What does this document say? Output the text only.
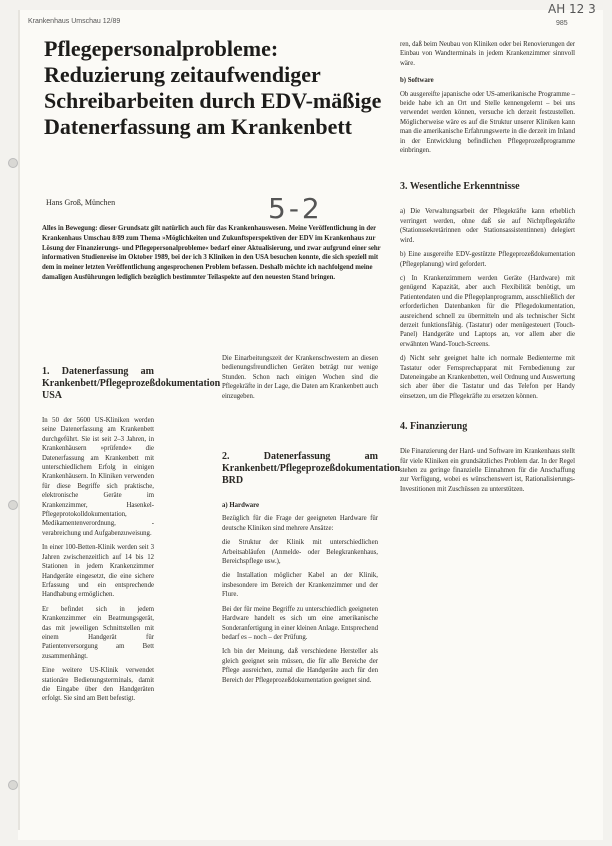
Krankenhaus Umschau 12/89	985
AH 12 3
5-2
Pflegepersonalprobleme: Reduzierung zeitaufwendiger Schreibarbeiten durch EDV-mäßige Datenerfassung am Krankenbett
Hans Groß, München
Alles in Bewegung: dieser Grundsatz gilt natürlich auch für das Krankenhauswesen. Meine Veröffentlichung in der Krankenhaus Umschau 8/89 zum Thema »Möglichkeiten und Zukunftsperspektiven der EDV im Krankenhaus zur Lösung der Finanzierungs- und Pflegepersonalprobleme« bedarf einer Aktualisierung, und zwar aufgrund einer sehr informativen Studienreise im Oktober 1989, bei der ich 3 Kliniken in den USA besuchen konnte, die sich speziell mit dem in meiner letzten Veröffentlichung angesprochenen Problem befassen. Deshalb möchte ich nachfolgend meine damaligen Ausführungen lediglich bezüglich bestimmter Teilaspekte auf den neuesten Stand bringen.
1. Datenerfassung am Krankenbett/Pflegeprozeßdokumentation USA

In 50 der 5600 US-Kliniken werden seine Datenerfassung am Krankenbett durchgeführt. Sie ist seit 2–3 Jahren, in Krankenhäusern »prüfende« die Datenerfassung am Krankenbett mit unterschiedlichem Erfolg in einigen Krankenhäusern. In Kliniken verwenden für diese Begriffe sich praktische, elektronische Geräte im Krankenzimmer, Hasenkel-Pflegeprotokolldokumentation, Medikamentenverordnung, -verabreichung und Aufgabenzuweisung.

In einer 100-Betten-Klinik werden seit 3 Jahren zwischenzeitlich auf 14 bis 12 Stationen in jedem Krankenzimmer Handgeräte eingesetzt, die eine sichere Erfassung und ein entsprechende Handhabung ermöglichen.

Er befindet sich in jedem Krankenzimmer ein Beatmungsgerät, das mit jeweiligen Schnittstellen mit einem Handgerät für Patientenversorgung am Bett zusammenhängt.

Eine weitere US-Klinik verwendet stationäre Bedienungsterminals, damit die Eingabe über den Handgeräten erfolgt. Sie sind am Bett befestigt.

Die Einarbeitungszeit der Krankenschwestern an diesen bedienungsfreundlichen Geräten beträgt nur wenige Stunden. Schon nach einigen Wochen sind die Pflegekräfte in der Lage, die Daten am Krankenbett auch einzugeben.

2. Datenerfassung am Krankenbett/Pflegeprozeßdokumentation BRD
a) Hardware

Bezüglich für die Frage der geeigneten Hardware für deutsche Kliniken sind mehrere Ansätze:

die Struktur der Klinik mit unterschiedlichen Arbeitsabläufen (Anmelde- oder Belegkrankenhaus, Bereichspflege usw.),

die Installation möglicher Kabel an der Klinik, insbesondere im Bereich der Krankenzimmer und der Flure.

Bei der für meine Begriffe zu unterschiedlich geeigneten Hardware handelt es sich um eine amerikanische Sonderanfertigung in einer kleinen Anlage. Entsprechend bedarf es – noch – der Prüfung.

Ich bin der Meinung, daß verschiedene Hersteller als gleich geeignet sein müssen, die für alle Bereiche der Pflege ausreichen, zumal die Handgeräte auch für den Bereich der Pflegeprozeßdokumentation geeignet sind.

ren, daß beim Neubau von Kliniken oder bei Renovierungen der Einbau von Wandterminals in jedem Krankenzimmer sinnvoll wäre.

b) Software

Ob ausgereifte japanische oder US-amerikanische Programme – beide habe ich an Ort und Stelle kennengelernt – bei uns verwendet werden können, versuche ich derzeit festzustellen. Möglicherweise wäre es auf die Struktur unserer Kliniken kann man die amerikanische Erfahrungswerte in die derzeit im Inland in der Entwicklung befindlichen Pflegeprozeßprogramme einbringen.

3. Wesentliche Erkenntnisse

a) Die Verwaltungsarbeit der Pflegekräfte kann erheblich verringert werden, ohne daß sie auf Nichtpflegekräfte (Stationssekretärinnen oder Stationsassistentinnen) delegiert wird.

b) Eine ausgereifte EDV-gestützte Pflegeprozeßdokumentation (Pflegeplanung) wird gefordert.

c) In Krankenzimmern werden Geräte (Hardware) mit genügend Kapazität, aber auch Flexibilität benötigt, um Patientendaten und die Pflegeplanprogramm, ausschließlich der erforderlichen Datenbanken für die Pflegedokumentation, ausreichend schnell zu übermitteln und als technischer Sicht derzeit funktionsfähig. (Tastatur) oder menügesteuert (Touch-Panel) Handgeräte und Laptops an, vor allem aber die erwähnten Wand-Touch-Screens.

d) Nicht sehr geeignet halte ich normale Bedienterme mit Tastatur oder Fernsprechapparat mit Fernbedienung zur Dateneingabe an Krankenbetten, weil Ordnung und Auswertung sich aber über die Tastatur und das Telefon per Handy einsetzen, um die Pflegekräfte zu ersetzen können.

4. Finanzierung

Die Finanzierung der Hard- und Software im Krankenhaus stellt für viele Kliniken ein grundsätzliches Problem dar. In der Regel stehen zu geringe finanzielle Einnahmen für die Anschaffung zur Verfügung, wobei es wünschenswert ist, Rationalisierungs-Investitionen mit Zuschüssen zu unterstützen.
